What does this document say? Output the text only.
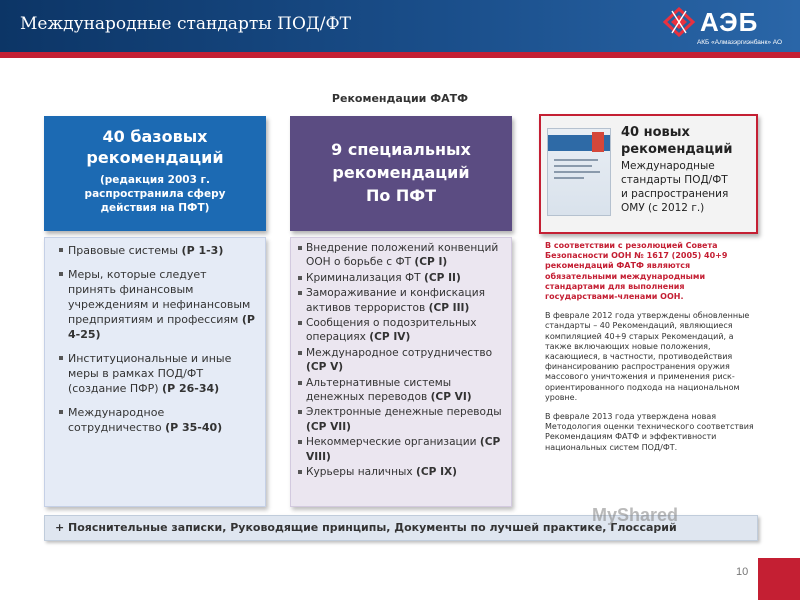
Международные стандарты ПОД/ФТ	АЭБ
АКБ «Алмазэргиэнбанк» АО
Рекомендации ФАТФ
40 базовых
рекомендаций
(редакция 2003 г.
распространила сферу
действия на ПФТ)
Правовые системы (Р 1-3)
Меры, которые следует принять финансовым учреждениям и нефинансовым предприятиям и профессиям (Р 4-25)
Институциональные и иные меры в рамках ПОД/ФТ (создание ПФР) (Р 26-34)
Международное сотрудничество (Р 35-40)
9 специальных
рекомендаций
По ПФТ
Внедрение положений конвенций ООН о борьбе с ФТ (СР I)
Криминализация ФТ (СР II)
Замораживание и конфискация активов террористов (СР III)
Сообщения о подозрительных операциях (СР IV)
Международное сотрудничество (СР V)
Альтернативные системы денежных переводов (СР VI)
Электронные денежные переводы (СР VII)
Некоммерческие организации (СР VIII)
Курьеры наличных (СР IX)
40 новых
рекомендаций
Международные
стандарты ПОД/ФТ
и распространения
ОМУ (с 2012 г.)
В соответствии с резолюцией Совета Безопасности ООН № 1617 (2005) 40+9 рекомендаций ФАТФ являются обязательными международными стандартами для выполнения государствами-членами ООН.
В феврале 2012 года утверждены обновленные стандарты – 40 Рекомендаций, являющиеся компиляцией 40+9 старых Рекомендаций, а также включающих новые положения, касающиеся, в частности, противодействия финансированию распространения оружия массового уничтожения и применения риск-ориентированного подхода на национальном уровне.
В феврале 2013 года утверждена новая Методология оценки технического соответствия Рекомендациям ФАТФ и эффективности национальных систем ПОД/ФТ.
+ Пояснительные записки, Руководящие принципы, Документы по лучшей практике, Глоссарий
MyShared
10
